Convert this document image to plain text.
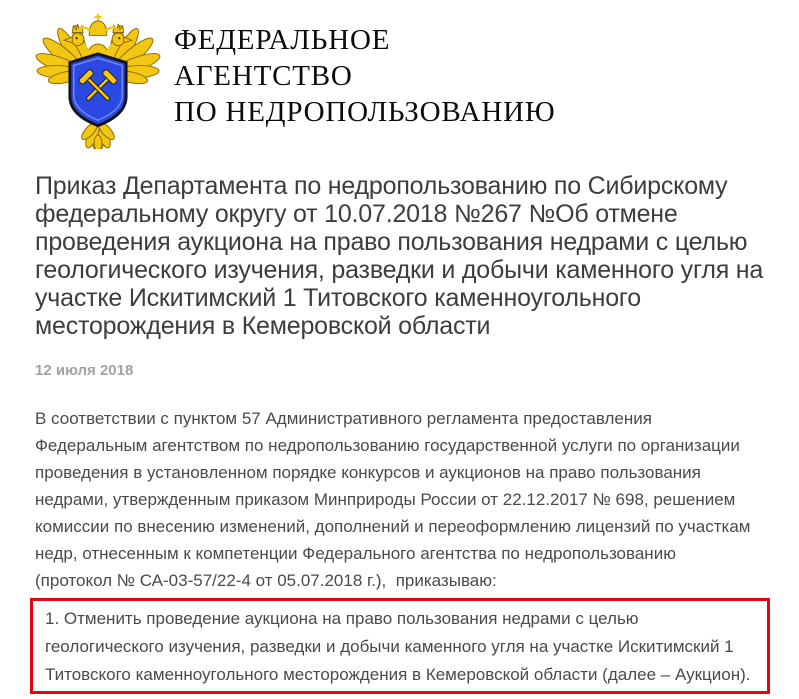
ФЕДЕРАЛЬНОЕ
АГЕНТСТВО
ПО НЕДРОПОЛЬЗОВАНИЮ
Приказ Департамента по недропользованию по Сибирскому
федеральному округу от 10.07.2018 №267 №Об отмене
проведения аукциона на право пользования недрами с целью
геологического изучения, разведки и добычи каменного угля на
участке Искитимский 1 Титовского каменноугольного
месторождения в Кемеровской области
12 июля 2018
В соответствии с пунктом 57 Административного регламента предоставления
Федеральным агентством по недропользованию государственной услуги по организации
проведения в установленном порядке конкурсов и аукционов на право пользования
недрами, утвержденным приказом Минприроды России от 22.12.2017 № 698, решением
комиссии по внесению изменений, дополнений и переоформлению лицензий по участкам
недр, отнесенным к компетенции Федерального агентства по недропользованию
(протокол № СА-03-57/22-4 от 05.07.2018 г.),  приказываю:
1. Отменить проведение аукциона на право пользования недрами с целью
геологического изучения, разведки и добычи каменного угля на участке Искитимский 1
Титовского каменноугольного месторождения в Кемеровской области (далее – Аукцион).
